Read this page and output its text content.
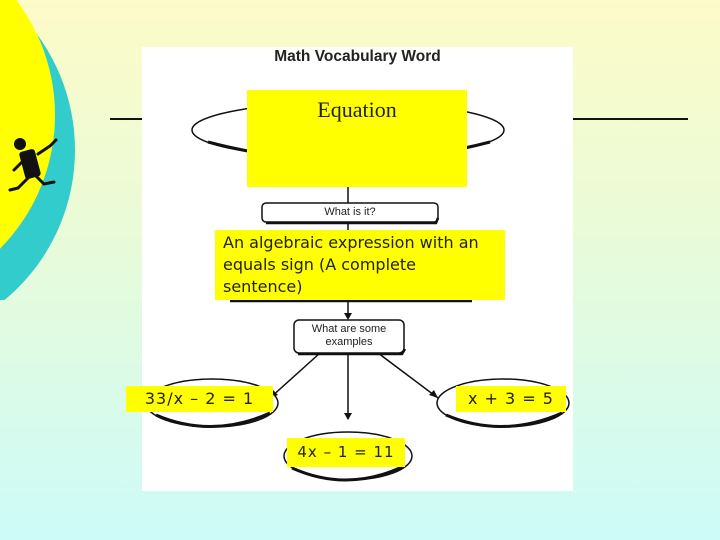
Math Vocabulary Word
What is it?
What are some
examples
Equation
An algebraic expression with an equals sign (A complete sentence)
33/x – 2 = 1	x + 3 = 5
4x – 1 = 11
